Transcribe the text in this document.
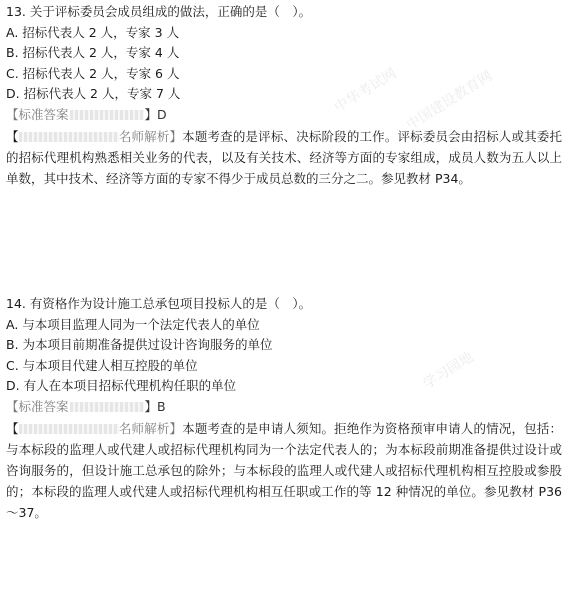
中国建设教育网
中华考试网
学习园地
13. 关于评标委员会成员组成的做法，正确的是（　）。
A. 招标代表人 2 人，专家 3 人
B. 招标代表人 2 人，专家 4 人
C. 招标代表人 2 人，专家 6 人
D. 招标代表人 2 人，专家 7 人
【标准答案	】D
【	名师解析】本题考查的是评标、决标阶段的工作。评标委员会由招标人或其委托的招标代理机构熟悉相关业务的代表，以及有关技术、经济等方面的专家组成，成员人数为五人以上单数，其中技术、经济等方面的专家不得少于成员总数的三分之二。参见教材 P34。
14. 有资格作为设计施工总承包项目投标人的是（　）。
A. 与本项目监理人同为一个法定代表人的单位
B. 为本项目前期准备提供过设计咨询服务的单位
C. 与本项目代建人相互控股的单位
D. 有人在本项目招标代理机构任职的单位
【标准答案	】B
【	名师解析】本题考查的是申请人须知。拒绝作为资格预审申请人的情况，包括：与本标段的监理人或代建人或招标代理机构同为一个法定代表人的；为本标段前期准备提供过设计或咨询服务的，但设计施工总承包的除外；与本标段的监理人或代建人或招标代理机构相互控股或参股的；本标段的监理人或代建人或招标代理机构相互任职或工作的等 12 种情况的单位。参见教材 P36～37。
